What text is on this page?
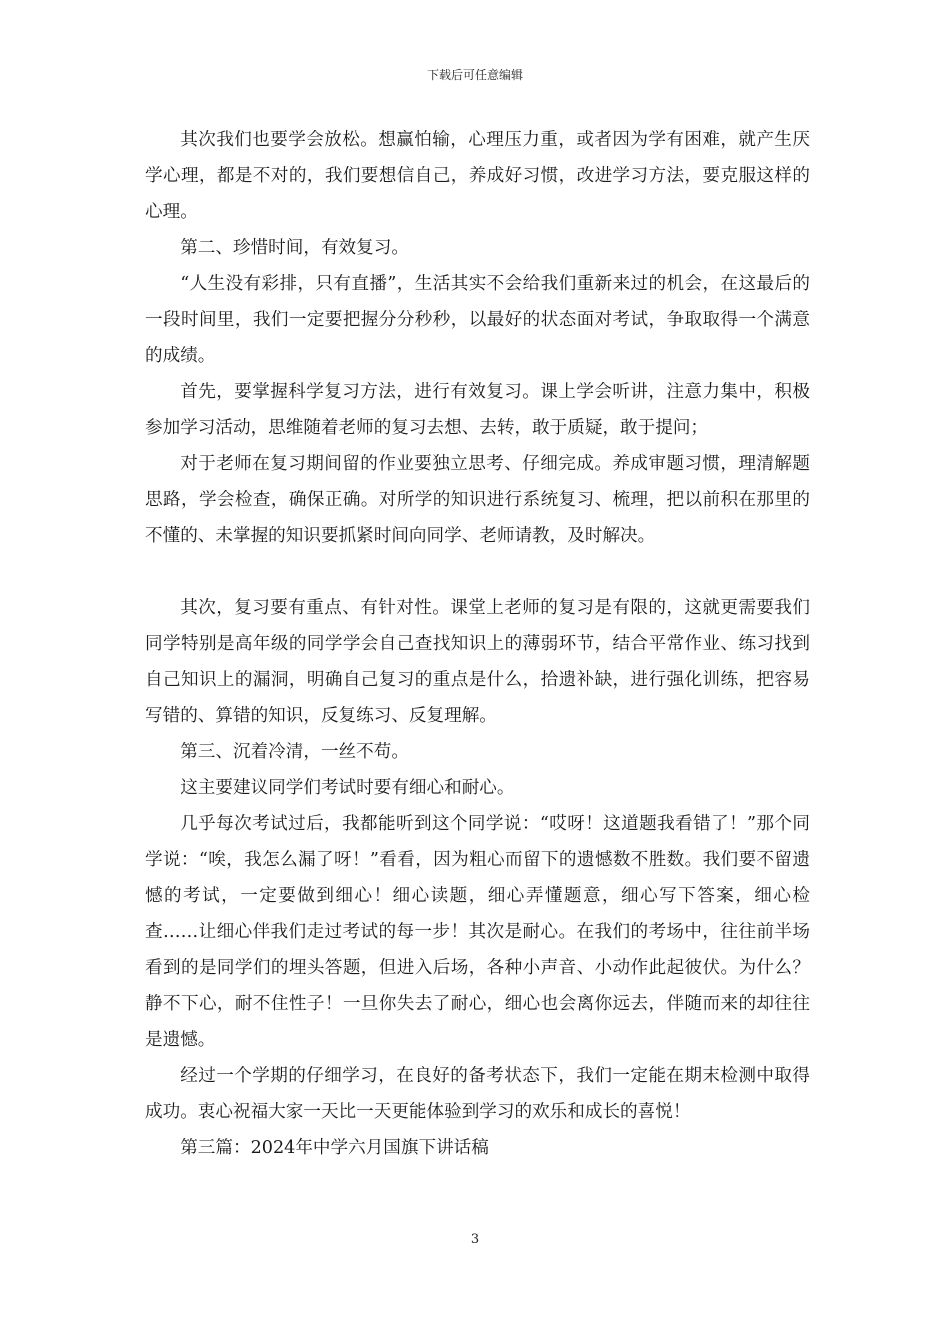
下载后可任意编辑

其次我们也要学会放松。想赢怕输，心理压力重，或者因为学有困难，就产生厌学心理，都是不对的，我们要想信自己，养成好习惯，改进学习方法，要克服这样的心理。

第二、珍惜时间，有效复习。

“人生没有彩排，只有直播”，生活其实不会给我们重新来过的机会，在这最后的一段时间里，我们一定要把握分分秒秒，以最好的状态面对考试，争取取得一个满意的成绩。

首先，要掌握科学复习方法，进行有效复习。课上学会听讲，注意力集中，积极参加学习活动，思维随着老师的复习去想、去转，敢于质疑，敢于提问；

对于老师在复习期间留的作业要独立思考、仔细完成。养成审题习惯，理清解题思路，学会检查，确保正确。对所学的知识进行系统复习、梳理，把以前积在那里的不懂的、未掌握的知识要抓紧时间向同学、老师请教，及时解决。

其次，复习要有重点、有针对性。课堂上老师的复习是有限的，这就更需要我们同学特别是高年级的同学学会自己查找知识上的薄弱环节，结合平常作业、练习找到自己知识上的漏洞，明确自己复习的重点是什么，拾遗补缺，进行强化训练，把容易写错的、算错的知识，反复练习、反复理解。

第三、沉着冷清，一丝不苟。

这主要建议同学们考试时要有细心和耐心。

几乎每次考试过后，我都能听到这个同学说：“哎呀！这道题我看错了！”那个同学说：“唉，我怎么漏了呀！”看看，因为粗心而留下的遗憾数不胜数。我们要不留遗憾的考试，一定要做到细心！细心读题，细心弄懂题意，细心写下答案，细心检查……让细心伴我们走过考试的每一步！其次是耐心。在我们的考场中，往往前半场看到的是同学们的埋头答题，但进入后场，各种小声音、小动作此起彼伏。为什么？静不下心，耐不住性子！一旦你失去了耐心，细心也会离你远去，伴随而来的却往往是遗憾。

经过一个学期的仔细学习，在良好的备考状态下，我们一定能在期末检测中取得成功。衷心祝福大家一天比一天更能体验到学习的欢乐和成长的喜悦！

第三篇：2024年中学六月国旗下讲话稿

3
